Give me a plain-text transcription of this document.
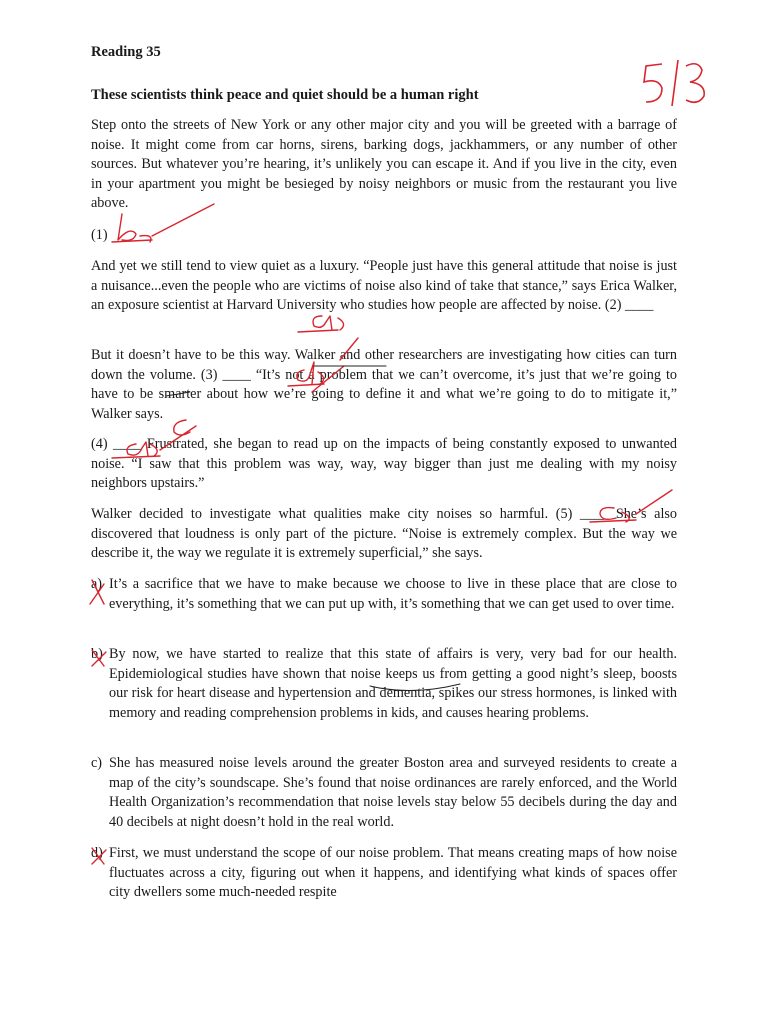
Reading 35
These scientists think peace and quiet should be a human right

Step onto the streets of New York or any other major city and you will be greeted with a barrage of noise. It might come from car horns, sirens, barking dogs, jackhammers, or any number of other sources. But whatever you’re hearing, it’s unlikely you can escape it. And if you live in the city, even in your apartment you might be besieged by noisy neighbors or music from the restaurant you live above.

(1)

And yet we still tend to view quiet as a luxury. “People just have this general attitude that noise is just a nuisance...even the people who are victims of noise also kind of take that stance,” says Erica Walker, an exposure scientist at Harvard University who studies how people are affected by noise. (2) ____

But it doesn’t have to be this way. Walker and other researchers are investigating how cities can turn down the volume. (3) ____ “It’s not a problem that we can’t overcome, it’s just that we’re going to have to be smarter about how we’re going to define it and what we’re going to do to mitigate it,” Walker says.

(4) ____ Frustrated, she began to read up on the impacts of being constantly exposed to unwanted noise. “I saw that this problem was way, way, way bigger than just me dealing with my noisy neighbors upstairs.”

Walker decided to investigate what qualities make city noises so harmful. (5) ____ She’s also discovered that loudness is only part of the picture. “Noise is extremely complex. But the way we describe it, the way we regulate it is extremely superficial,” she says.

a) It’s a sacrifice that we have to make because we choose to live in these place that are close to everything, it’s something that we can put up with, it’s something that we can get used to over time.
b) By now, we have started to realize that this state of affairs is very, very bad for our health. Epidemiological studies have shown that noise keeps us from getting a good night’s sleep, boosts our risk for heart disease and hypertension and dementia, spikes our stress hormones, is linked with memory and reading comprehension problems in kids, and causes hearing problems.
c) She has measured noise levels around the greater Boston area and surveyed residents to create a map of the city’s soundscape. She’s found that noise ordinances are rarely enforced, and the World Health Organization’s recommendation that noise levels stay below 55 decibels during the day and 40 decibels at night doesn’t hold in the real world.
d) First, we must understand the scope of our noise problem. That means creating maps of how noise fluctuates across a city, figuring out when it happens, and identifying what kinds of spaces offer city dwellers some much-needed respite
